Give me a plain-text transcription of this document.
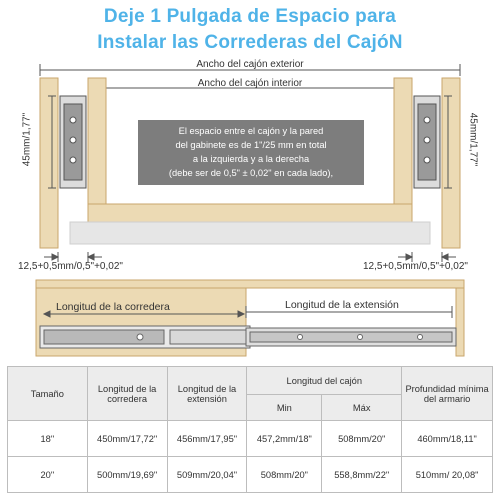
Deje 1 Pulgada de Espacio para
Instalar las Correderas del CajóN
Ancho del cajón exterior
Ancho del cajón interior
45mm/1,77"	45mm/1,77"
El espacio entre el cajón y la pared
del gabinete es de 1"/25 mm en total
a la izquierda y a la derecha
(debe ser de 0,5" ± 0,02" en cada lado),
12,5+0,5mm/0,5"+0,02"	12,5+0,5mm/0,5"+0,02"
Longitud de la corredera	Longitud de la extensión
Tamaño	Longitud de la corredera	Longitud de la extensión	Longitud del cajón		Profundidad mínima del armario
			Min	Máx	
18"	450mm/17,72"	456mm/17,95"	457,2mm/18"	508mm/20"	460mm/18,11"
20"	500mm/19,69"	509mm/20,04"	508mm/20"	558,8mm/22"	510mm/ 20,08"
